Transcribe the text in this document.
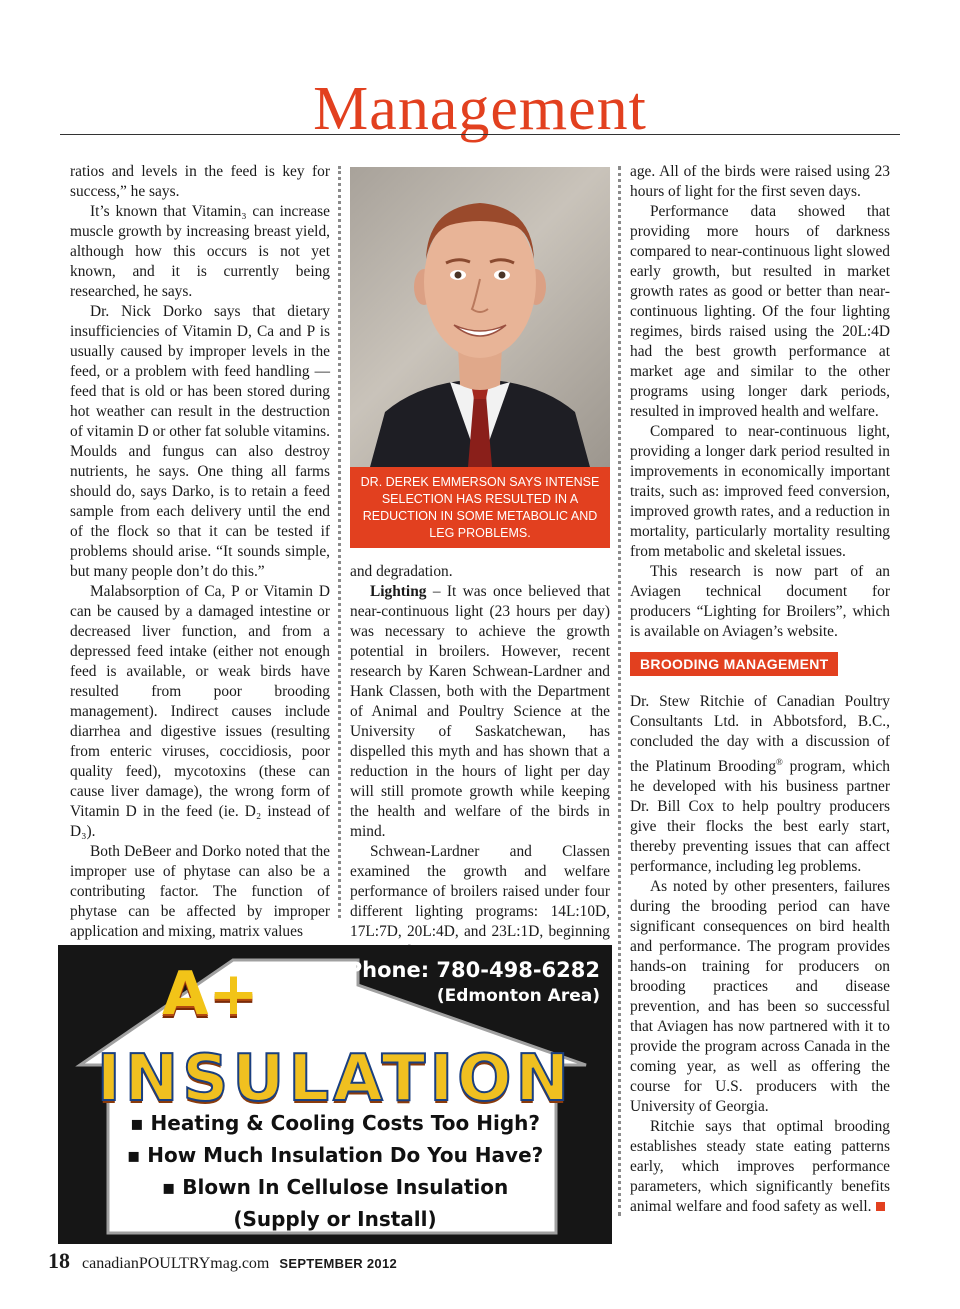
Management

ratios and levels in the feed is key for success,” he says.

It’s known that Vitamin₃ can increase muscle growth by increasing breast yield, although how this occurs is not yet known, and it is currently being researched, he says.

Dr. Nick Dorko says that dietary insufficiencies of Vitamin D, Ca and P is usually caused by improper levels in the feed, or a problem with feed handling — feed that is old or has been stored during hot weather can result in the destruction of vitamin D or other fat soluble vitamins. Moulds and fungus can also destroy nutrients, he says. One thing all farms should do, says Darko, is to retain a feed sample from each delivery until the end of the flock so that it can be tested if problems should arise. “It sounds simple, but many people don’t do this.”

Malabsorption of Ca, P or Vitamin D can be caused by a damaged intestine or decreased liver function, and from a depressed feed intake (either not enough feed is available, or weak birds have resulted from poor brooding management). Indirect causes include diarrhea and digestive issues (resulting from enteric viruses, coccidiosis, poor quality feed), mycotoxins (these can cause liver damage), the wrong form of Vitamin D in the feed (ie. D₂ instead of D₃).

Both DeBeer and Dorko noted that the improper use of phytase can also be a contributing factor. The function of phytase can be affected by improper application and mixing, matrix values

DR. DEREK EMMERSON SAYS INTENSE SELECTION HAS RESULTED IN A REDUCTION IN SOME METABOLIC AND LEG PROBLEMS.

and degradation.

Lighting – It was once believed that near-continuous light (23 hours per day) was necessary to achieve the growth potential in broilers. However, recent research by Karen Schwean-Lardner and Hank Classen, both with the Department of Animal and Poultry Science at the University of Saskatchewan, has dispelled this myth and has shown that a reduction in the hours of light per day will still promote growth while keeping the health and welfare of the birds in mind.

Schwean-Lardner and Classen examined the growth and welfare performance of broilers raised under four different lighting programs: 14L:10D, 17L:7D, 20L:4D, and 23L:1D, beginning

age. All of the birds were raised using 23 hours of light for the first seven days.

Performance data showed that providing more hours of darkness compared to near-continuous light slowed early growth, but resulted in market growth rates as good or better than near-continuous lighting. Of the four lighting regimes, birds raised using the 20L:4D had the best growth performance at market age and similar to the other programs using longer dark periods, resulted in improved health and welfare.

Compared to near-continuous light, providing a longer dark period resulted in improvements in economically important traits, such as: improved feed conversion, improved growth rates, and a reduction in mortality, particularly mortality resulting from metabolic and skeletal issues.

This research is now part of an Aviagen technical document for producers “Lighting for Broilers”, which is available on Aviagen’s website.

BROODING MANAGEMENT

Dr. Stew Ritchie of Canadian Poultry Consultants Ltd. in Abbotsford, B.C., concluded the day with a discussion of the Platinum Brooding® program, which he developed with his business partner Dr. Bill Cox to help poultry producers give their flocks the best early start, thereby preventing issues that can affect performance, including leg problems.

As noted by other presenters, failures during the brooding period can have significant consequences on bird health and performance. The program provides hands-on training for producers on brooding practices and disease prevention, and has been so successful that Aviagen has now partnered with it to provide the program across Canada in the coming year, as well as offering the course for U.S. producers with the University of Georgia.

Ritchie says that optimal brooding establishes steady state eating patterns early, which improves performance parameters, which significantly benefits animal welfare and food safety as well.

Phone: 780-498-6282
(Edmonton Area)
A+
INSULATION
▪ Heating & Cooling Costs Too High?
▪ How Much Insulation Do You Have?
▪ Blown In Cellulose Insulation
(Supply or Install)
18 canadianPOULTRYmag.com SEPTEMBER 2012
